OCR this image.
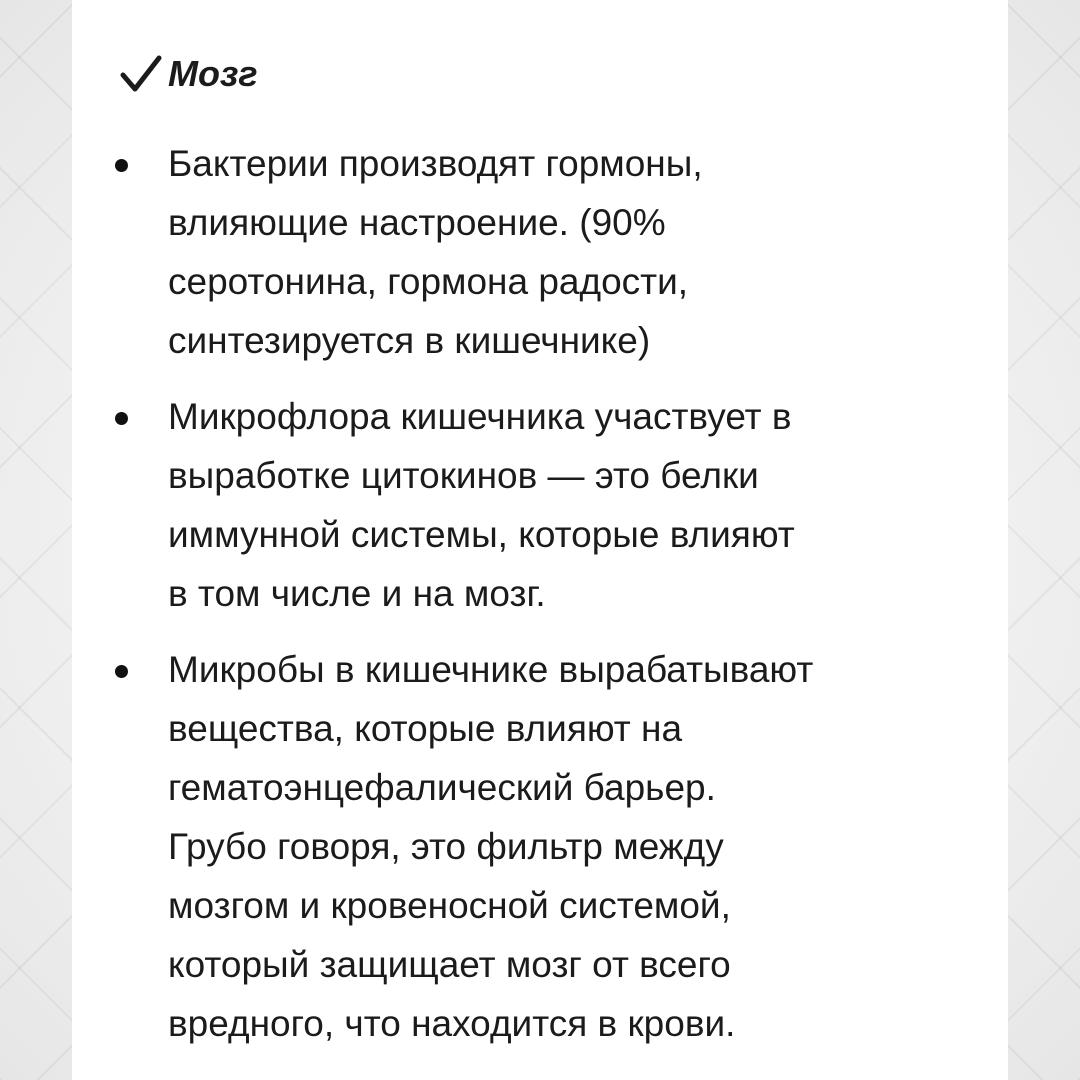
Мозг
Бактерии производят гормоны,
влияющие настроение. (90%
серотонина, гормона радости,
синтезируется в кишечнике)
Микрофлора кишечника участвует в
выработке цитокинов — это белки
иммунной системы, которые влияют
в том числе и на мозг.
Микробы в кишечнике вырабатывают
вещества, которые влияют на
гематоэнцефалический барьер.
Грубо говоря, это фильтр между
мозгом и кровеносной системой,
который защищает мозг от всего
вредного, что находится в крови.
